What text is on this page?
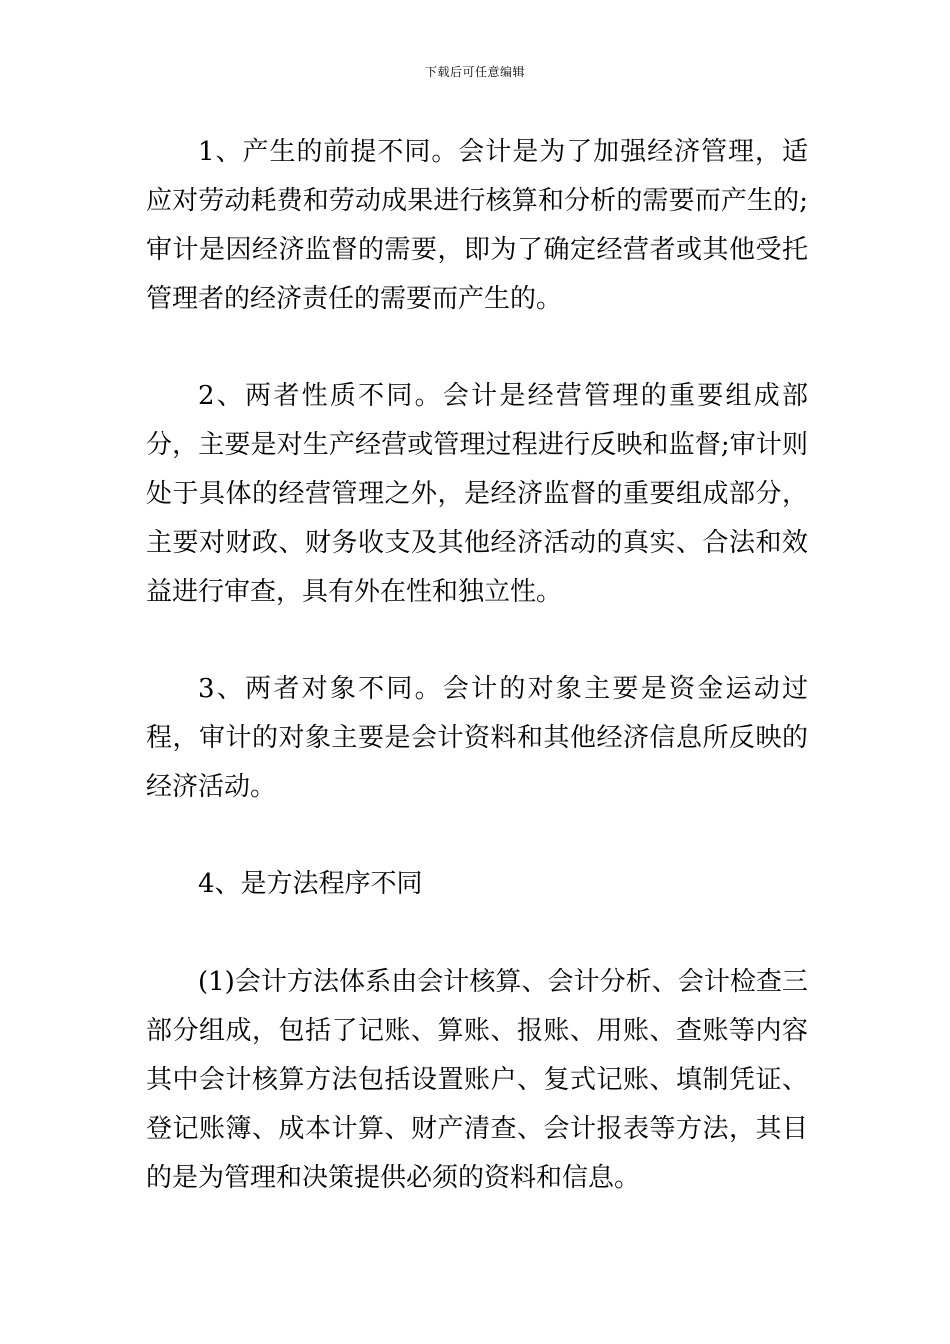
下载后可任意编辑

1、产生的前提不同。会计是为了加强经济管理，适应对劳动耗费和劳动成果进行核算和分析的需要而产生的;审计是因经济监督的需要，即为了确定经营者或其他受托管理者的经济责任的需要而产生的。

2、两者性质不同。会计是经营管理的重要组成部分，主要是对生产经营或管理过程进行反映和监督;审计则处于具体的经营管理之外，是经济监督的重要组成部分，主要对财政、财务收支及其他经济活动的真实、合法和效益进行审查，具有外在性和独立性。

3、两者对象不同。会计的对象主要是资金运动过程，审计的对象主要是会计资料和其他经济信息所反映的经济活动。

4、是方法程序不同

(1)会计方法体系由会计核算、会计分析、会计检查三部分组成，包括了记账、算账、报账、用账、查账等内容其中会计核算方法包括设置账户、复式记账、填制凭证、登记账簿、成本计算、财产清查、会计报表等方法，其目的是为管理和决策提供必须的资料和信息。
